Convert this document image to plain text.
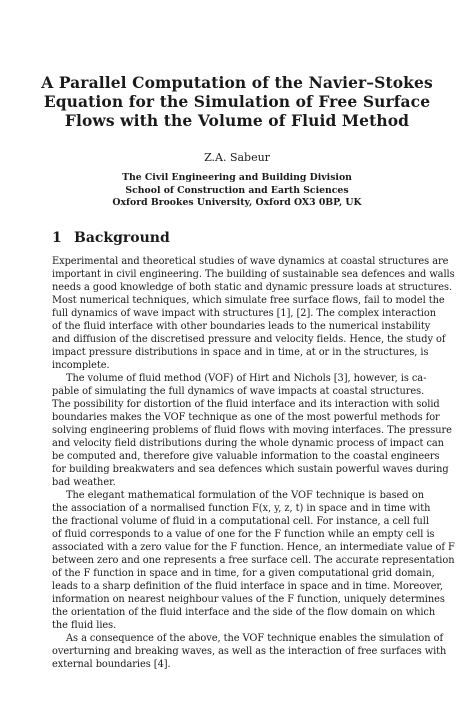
A Parallel Computation of the Navier–Stokes
Equation for the Simulation of Free Surface
Flows with the Volume of Fluid Method
Z.A. Sabeur
The Civil Engineering and Building Division
School of Construction and Earth Sciences
Oxford Brookes University, Oxford OX3 0BP, UK
1 Background
Experimental and theoretical studies of wave dynamics at coastal structures are
important in civil engineering. The building of sustainable sea defences and walls
needs a good knowledge of both static and dynamic pressure loads at structures.
Most numerical techniques, which simulate free surface flows, fail to model the
full dynamics of wave impact with structures [1], [2]. The complex interaction
of the fluid interface with other boundaries leads to the numerical instability
and diffusion of the discretised pressure and velocity fields. Hence, the study of
impact pressure distributions in space and in time, at or in the structures, is
incomplete.
The volume of fluid method (VOF) of Hirt and Nichols [3], however, is ca-
pable of simulating the full dynamics of wave impacts at coastal structures.
The possibility for distortion of the fluid interface and its interaction with solid
boundaries makes the VOF technique as one of the most powerful methods for
solving engineering problems of fluid flows with moving interfaces. The pressure
and velocity field distributions during the whole dynamic process of impact can
be computed and, therefore give valuable information to the coastal engineers
for building breakwaters and sea defences which sustain powerful waves during
bad weather.
The elegant mathematical formulation of the VOF technique is based on
the association of a normalised function F(x, y, z, t) in space and in time with
the fractional volume of fluid in a computational cell. For instance, a cell full
of fluid corresponds to a value of one for the F function while an empty cell is
associated with a zero value for the F function. Hence, an intermediate value of F
between zero and one represents a free surface cell. The accurate representation
of the F function in space and in time, for a given computational grid domain,
leads to a sharp definition of the fluid interface in space and in time. Moreover,
information on nearest neighbour values of the F function, uniquely determines
the orientation of the fluid interface and the side of the flow domain on which
the fluid lies.
As a consequence of the above, the VOF technique enables the simulation of
overturning and breaking waves, as well as the interaction of free surfaces with
external boundaries [4].
